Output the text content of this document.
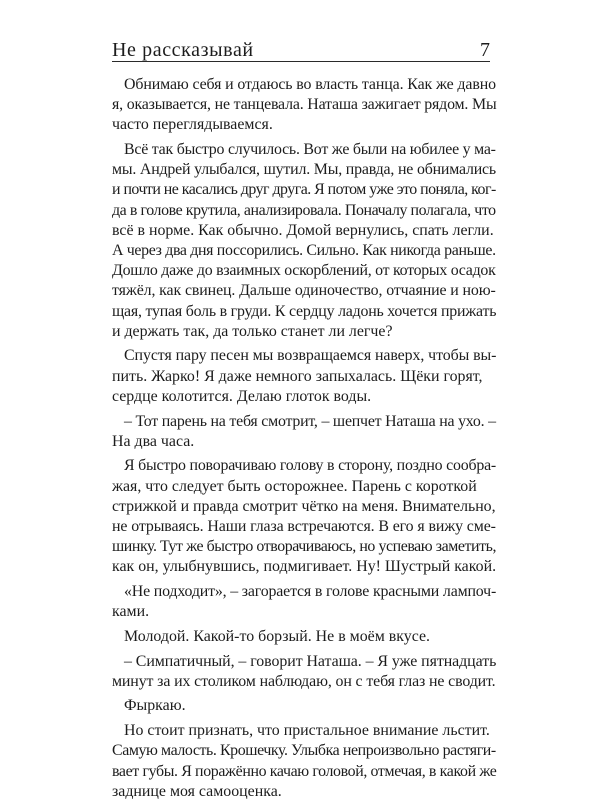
Не рассказывай	7
Обнимаю себя и отдаюсь во власть танца. Как же давно
я, оказывается, не танцевала. Наташа зажигает рядом. Мы
часто переглядываемся.
Всё так быстро случилось. Вот же были на юбилее у ма-
мы. Андрей улыбался, шутил. Мы, правда, не обнимались
и почти не касались друг друга. Я потом уже это поняла, ког-
да в голове крутила, анализировала. Поначалу полагала, что
всё в норме. Как обычно. Домой вернулись, спать легли.
А через два дня поссорились. Сильно. Как никогда раньше.
Дошло даже до взаимных оскорблений, от которых осадок
тяжёл, как свинец. Дальше одиночество, отчаяние и ною-
щая, тупая боль в груди. К сердцу ладонь хочется прижать
и держать так, да только станет ли легче?
Спустя пару песен мы возвращаемся наверх, чтобы вы-
пить. Жарко! Я даже немного запыхалась. Щёки горят,
сердце колотится. Делаю глоток воды.
– Тот парень на тебя смотрит, – шепчет Наташа на ухо. –
На два часа.
Я быстро поворачиваю голову в сторону, поздно сообра-
жая, что следует быть осторожнее. Парень с короткой
стрижкой и правда смотрит чётко на меня. Внимательно,
не отрываясь. Наши глаза встречаются. В его я вижу сме-
шинку. Тут же быстро отворачиваюсь, но успеваю заметить,
как он, улыбнувшись, подмигивает. Ну! Шустрый какой.
«Не подходит», – загорается в голове красными лампоч-
ками.
Молодой. Какой-то борзый. Не в моём вкусе.
– Симпатичный, – говорит Наташа. – Я уже пятнадцать
минут за их столиком наблюдаю, он с тебя глаз не сводит.
Фыркаю.
Но стоит признать, что пристальное внимание льстит.
Самую малость. Крошечку. Улыбка непроизвольно растяги-
вает губы. Я поражённо качаю головой, отмечая, в какой же
заднице моя самооценка.
